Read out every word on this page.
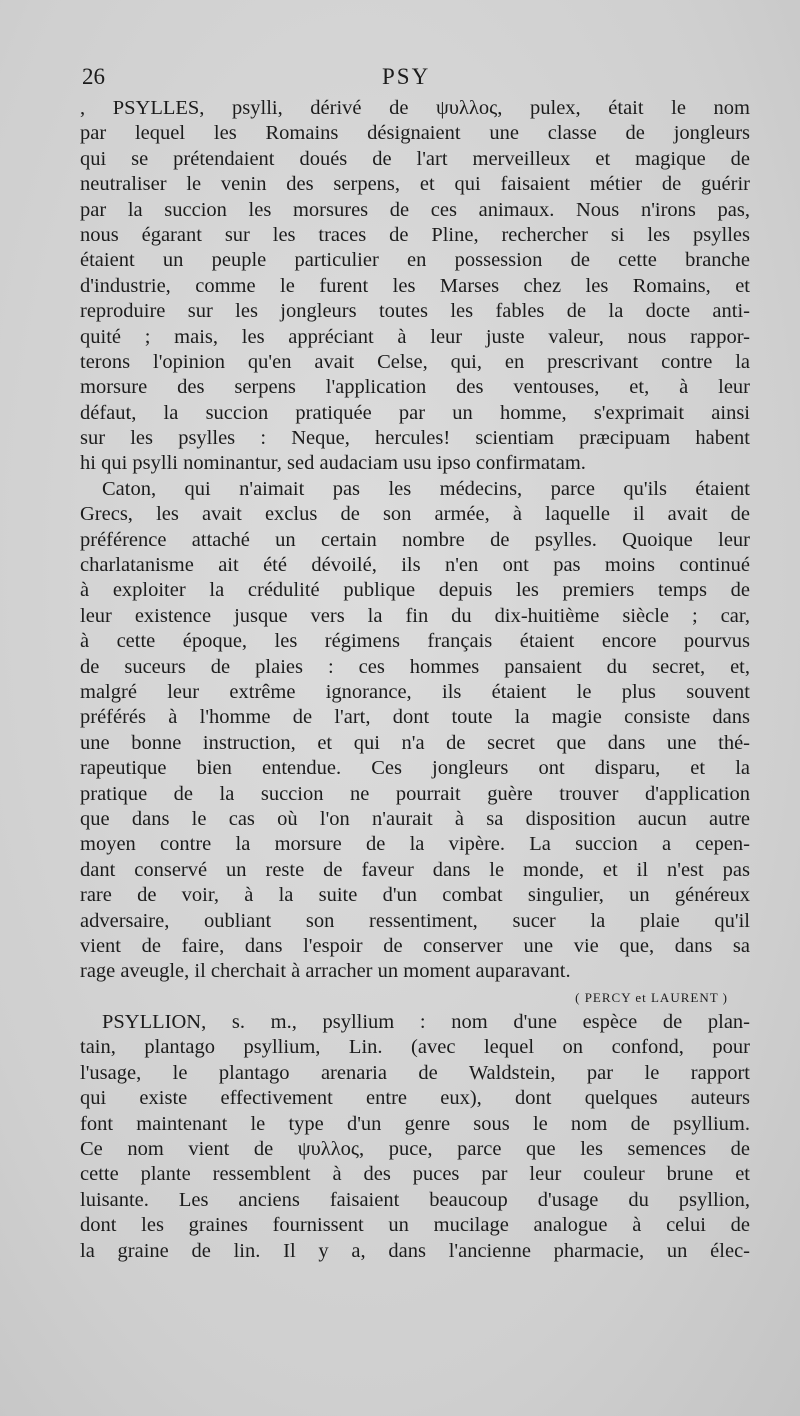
26	PSY
, PSYLLES, psylli, dérivé de ψυλλος, pulex, était le nom
par lequel les Romains désignaient une classe de jongleurs
qui se prétendaient doués de l'art merveilleux et magique de
neutraliser le venin des serpens, et qui faisaient métier de guérir
par la succion les morsures de ces animaux. Nous n'irons pas,
nous égarant sur les traces de Pline, rechercher si les psylles
étaient un peuple particulier en possession de cette branche
d'industrie, comme le furent les Marses chez les Romains, et
reproduire sur les jongleurs toutes les fables de la docte anti-
quité ; mais, les appréciant à leur juste valeur, nous rappor-
terons l'opinion qu'en avait Celse, qui, en prescrivant contre la
morsure des serpens l'application des ventouses, et, à leur
défaut, la succion pratiquée par un homme, s'exprimait ainsi
sur les psylles : Neque, hercules! scientiam præcipuam habent
hi qui psylli nominantur, sed audaciam usu ipso confirmatam.
Caton, qui n'aimait pas les médecins, parce qu'ils étaient
Grecs, les avait exclus de son armée, à laquelle il avait de
préférence attaché un certain nombre de psylles. Quoique leur
charlatanisme ait été dévoilé, ils n'en ont pas moins continué
à exploiter la crédulité publique depuis les premiers temps de
leur existence jusque vers la fin du dix-huitième siècle ; car,
à cette époque, les régimens français étaient encore pourvus
de suceurs de plaies : ces hommes pansaient du secret, et,
malgré leur extrême ignorance, ils étaient le plus souvent
préférés à l'homme de l'art, dont toute la magie consiste dans
une bonne instruction, et qui n'a de secret que dans une thé-
rapeutique bien entendue. Ces jongleurs ont disparu, et la
pratique de la succion ne pourrait guère trouver d'application
que dans le cas où l'on n'aurait à sa disposition aucun autre
moyen contre la morsure de la vipère. La succion a cepen-
dant conservé un reste de faveur dans le monde, et il n'est pas
rare de voir, à la suite d'un combat singulier, un généreux
adversaire, oubliant son ressentiment, sucer la plaie qu'il
vient de faire, dans l'espoir de conserver une vie que, dans sa
rage aveugle, il cherchait à arracher un moment auparavant.
( PERCY et LAURENT )
PSYLLION, s. m., psyllium : nom d'une espèce de plan-
tain, plantago psyllium, Lin. (avec lequel on confond, pour
l'usage, le plantago arenaria de Waldstein, par le rapport
qui existe effectivement entre eux), dont quelques auteurs
font maintenant le type d'un genre sous le nom de psyllium.
Ce nom vient de ψυλλος, puce, parce que les semences de
cette plante ressemblent à des puces par leur couleur brune et
luisante. Les anciens faisaient beaucoup d'usage du psyllion,
dont les graines fournissent un mucilage analogue à celui de
la graine de lin. Il y a, dans l'ancienne pharmacie, un élec-
